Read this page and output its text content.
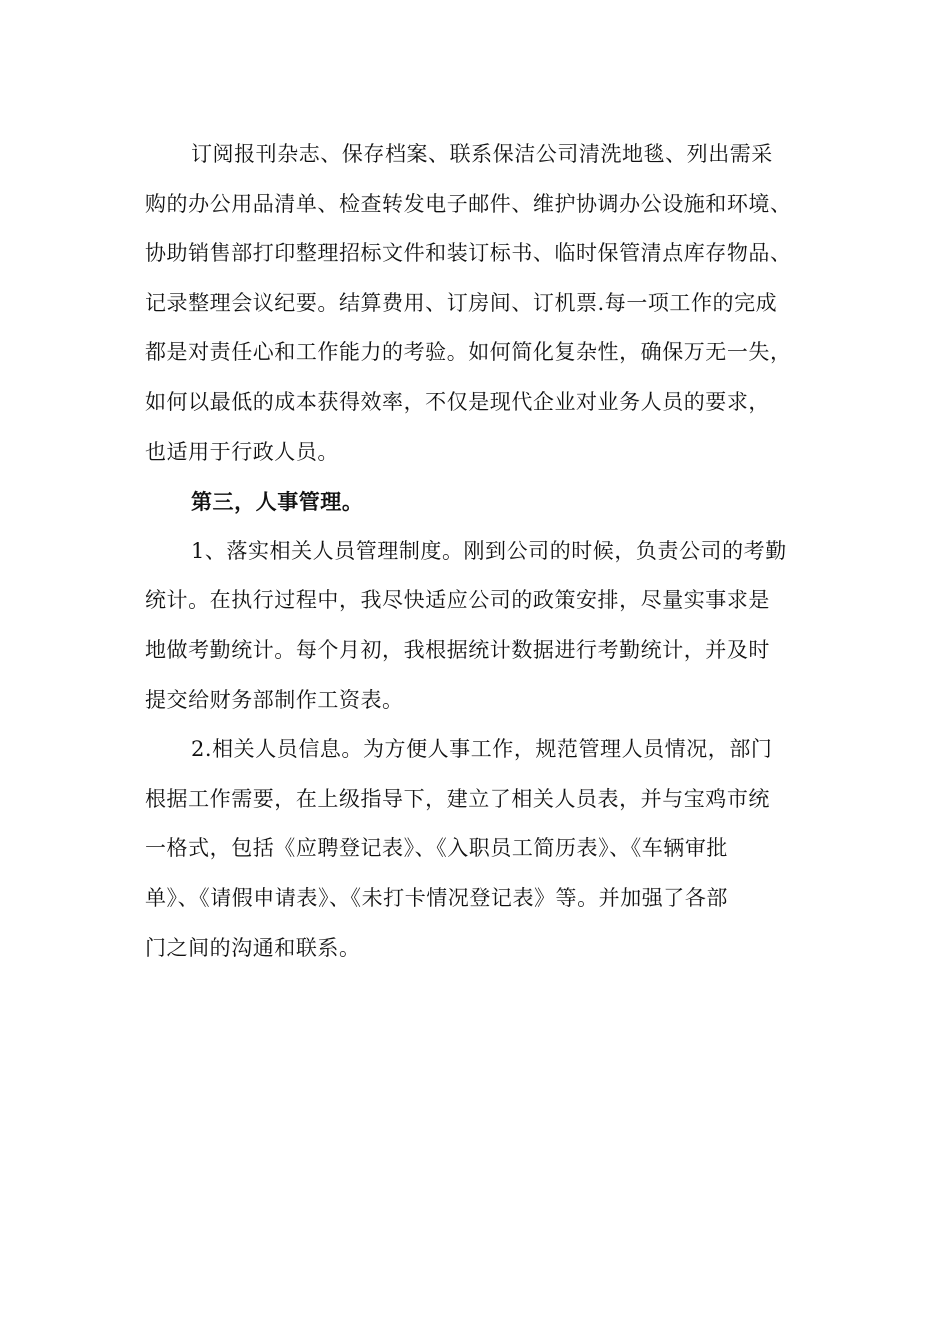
订阅报刊杂志、保存档案、联系保洁公司清洗地毯、列出需采
购的办公用品清单、检查转发电子邮件、维护协调办公设施和环境、
协助销售部打印整理招标文件和装订标书、临时保管清点库存物品、
记录整理会议纪要。结算费用、订房间、订机票.每一项工作的完成
都是对责任心和工作能力的考验。如何简化复杂性，确保万无一失，
如何以最低的成本获得效率，不仅是现代企业对业务人员的要求，
也适用于行政人员。
第三，人事管理。
1、落实相关人员管理制度。刚到公司的时候，负责公司的考勤
统计。在执行过程中，我尽快适应公司的政策安排，尽量实事求是
地做考勤统计。每个月初，我根据统计数据进行考勤统计，并及时
提交给财务部制作工资表。
2.相关人员信息。为方便人事工作，规范管理人员情况，部门
根据工作需要，在上级指导下，建立了相关人员表，并与宝鸡市统
一格式，包括《应聘登记表》、《入职员工简历表》、《车辆审批
单》、《请假申请表》、《未打卡情况登记表》等。并加强了各部
门之间的沟通和联系。
